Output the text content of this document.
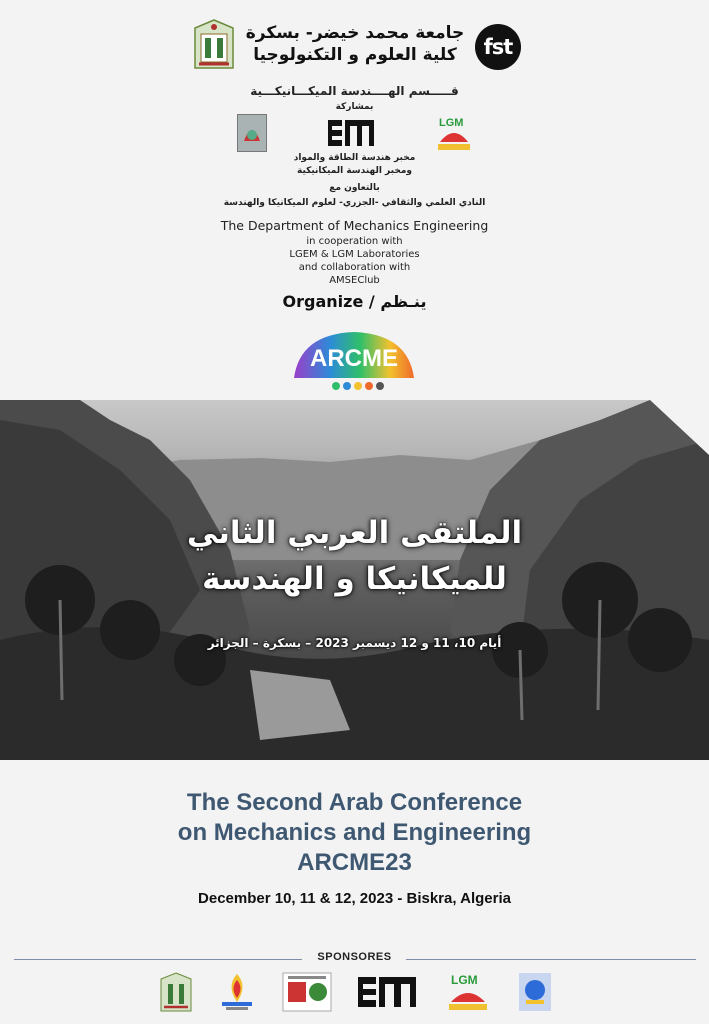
جامعة محمد خيضر- بسكرة
كلية العلوم و التكنولوجيا	fst
قـــــسم الهــــندسة الميكـــانيكـــية
بمشاركة
LGM
مخبر هندسة الطاقة والمواد
ومخبر الهندسة الميكانيكية
بالتعاون مع
النادي العلمي والثقافي -الجزري- لعلوم الميكانيكا والهندسة
The Department of Mechanics Engineering
in cooperation with
LGEM & LGM Laboratories
and collaboration with
AMSEClub
Organize / ينـظم
ARCME
الملتقى العربي الثاني
للميكانيكا و الهندسة
أيام 10، 11 و 12 ديسمبر 2023 – بسكرة – الجزائر
The Second Arab Conference
on Mechanics and Engineering
ARCME23
December 10, 11 & 12, 2023 - Biskra, Algeria
SPONSORES
LGM
